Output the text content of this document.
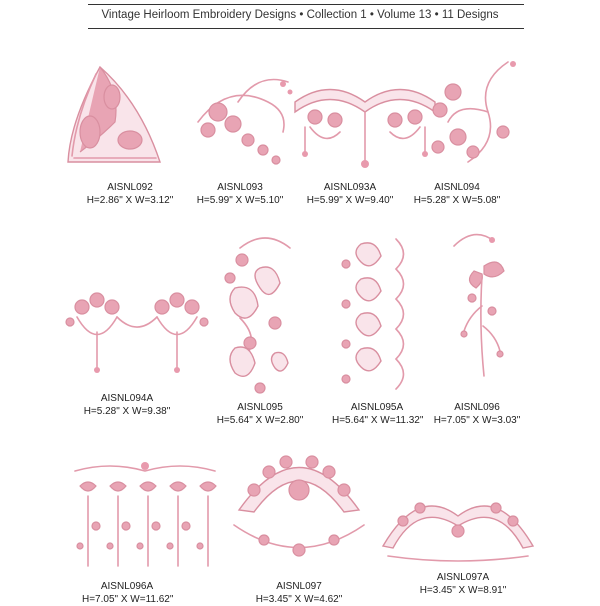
Vintage Heirloom Embroidery Designs • Collection 1 • Volume 13 • 11 Designs
AISNL092
H=2.86" X W=3.12"
AISNL093
H=5.99" X W=5.10"
AISNL093A
H=5.99" X W=9.40"
AISNL094
H=5.28" X W=5.08"
AISNL094A
H=5.28" X W=9.38"	AISNL095
H=5.64" X W=2.80"
AISNL095A
H=5.64" X W=11.32"
AISNL096
H=7.05" X W=3.03"
AISNL096A
H=7.05" X W=11.62"
AISNL097
H=3.45" X W=4.62"
AISNL097A
H=3.45" X W=8.91"
